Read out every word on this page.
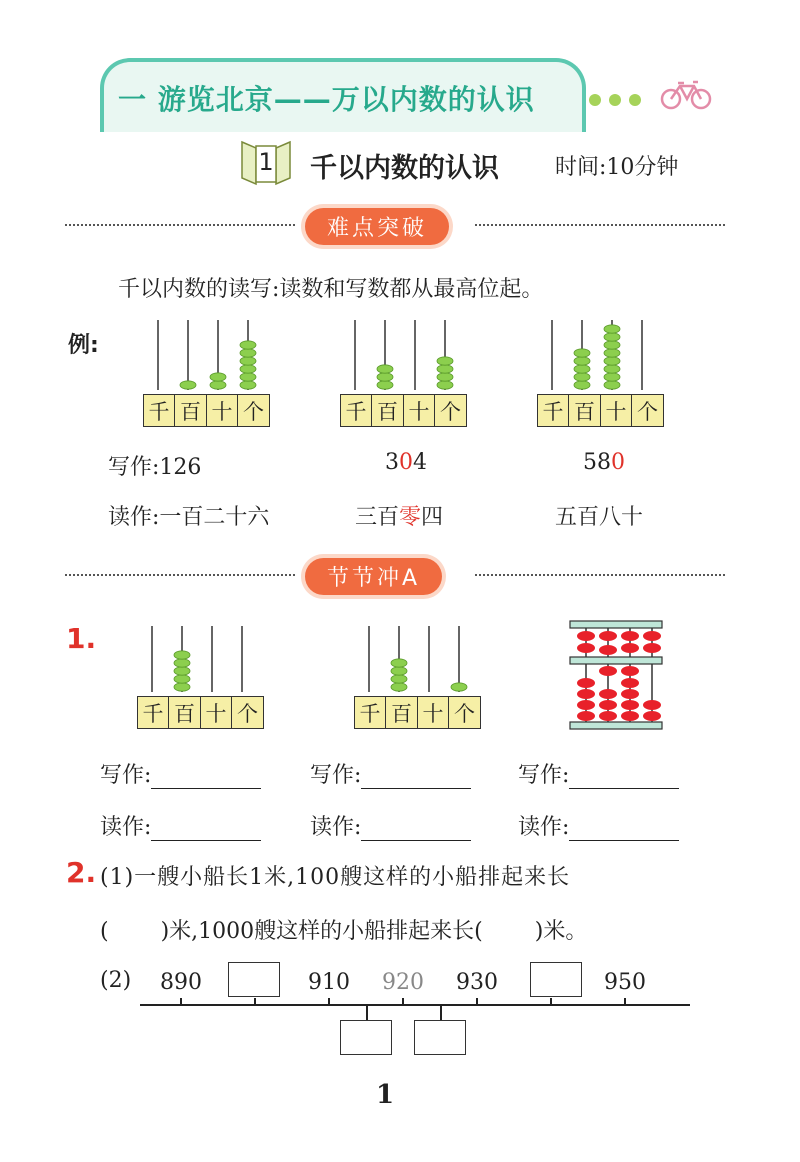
一 游览北京——万以内数的认识
1 千以内数的认识	时间:10分钟
难点突破
千以内数的读写:读数和写数都从最高位起。
例:
千 百 十 个	千 百 十 个	千 百 十 个
写作:126	304	580
读作:一百二十六	三百零四	五百八十
节节冲A
1.
千 百 十 个	千 百 十 个
写作:	写作:	写作:
读作:	读作:	读作:
2. (1)一艘小船长1米,100艘这样的小船排起来长
( )米,1000艘这样的小船排起来长( )米。
(2) 890	910 920 930	950
1
